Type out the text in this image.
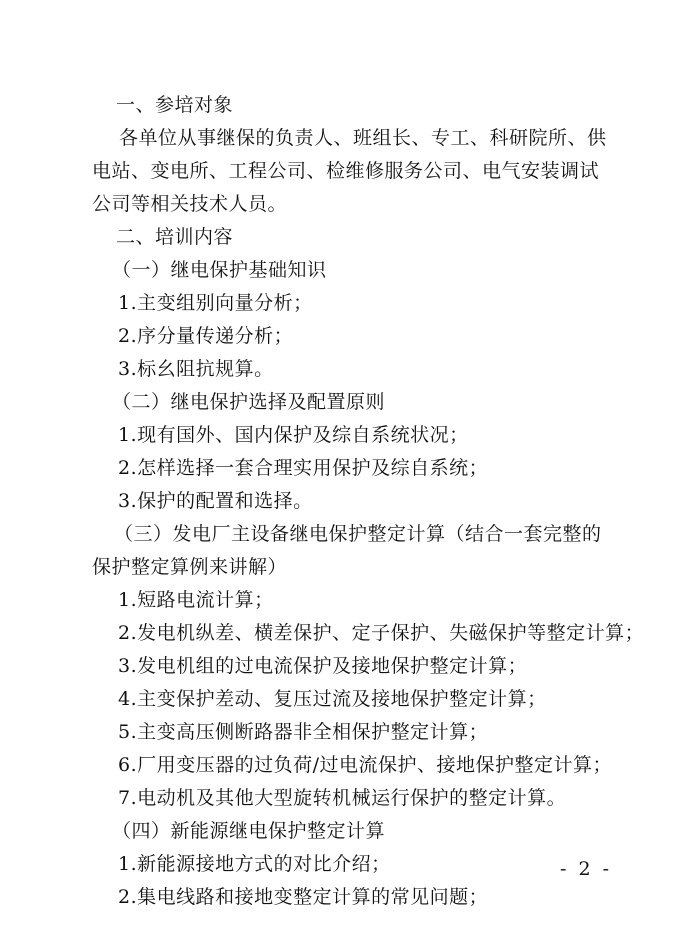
一、参培对象
各单位从事继保的负责人、班组长、专工、科研院所、供电站、变电所、工程公司、检维修服务公司、电气安装调试公司等相关技术人员。
二、培训内容
（一）继电保护基础知识
1.主变组别向量分析；
2.序分量传递分析；
3.标幺阻抗规算。
（二）继电保护选择及配置原则
1.现有国外、国内保护及综自系统状况；
2.怎样选择一套合理实用保护及综自系统；
3.保护的配置和选择。
（三）发电厂主设备继电保护整定计算（结合一套完整的保护整定算例来讲解）
1.短路电流计算；
2.发电机纵差、横差保护、定子保护、失磁保护等整定计算；
3.发电机组的过电流保护及接地保护整定计算；
4.主变保护差动、复压过流及接地保护整定计算；
5.主变高压侧断路器非全相保护整定计算；
6.厂用变压器的过负荷/过电流保护、接地保护整定计算；
7.电动机及其他大型旋转机械运行保护的整定计算。
（四）新能源继电保护整定计算
1.新能源接地方式的对比介绍；
2.集电线路和接地变整定计算的常见问题；
- 2 -
